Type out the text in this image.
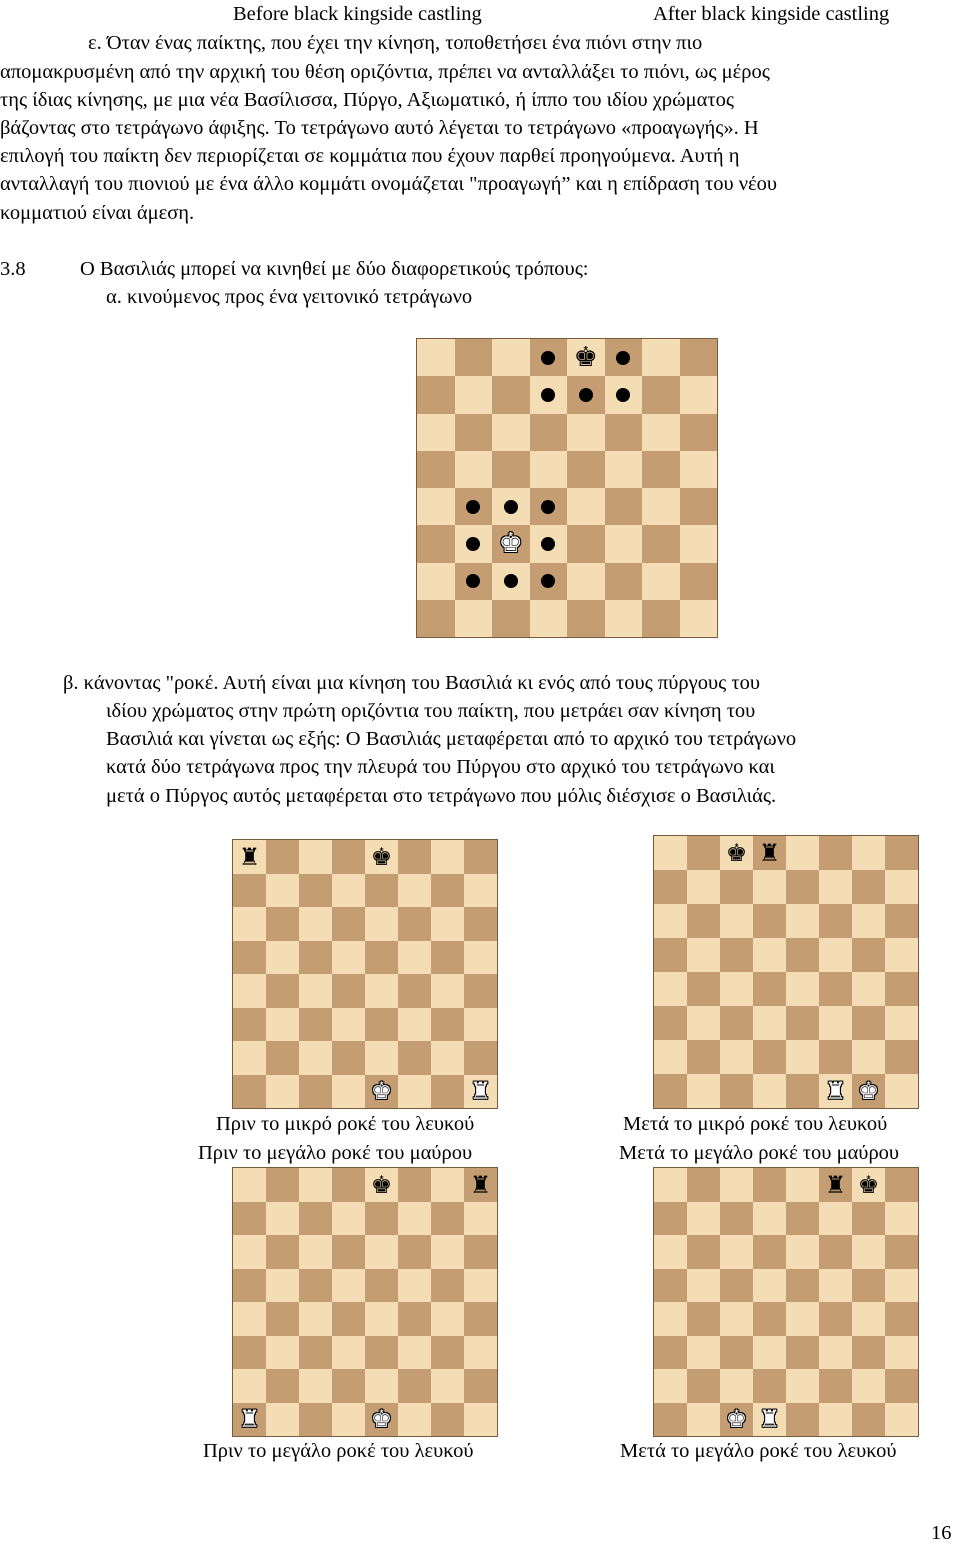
Before black kingside castling	After black kingside castling
ε. Όταν ένας παίκτης, που έχει την κίνηση, τοποθετήσει ένα πιόνι στην πιο
απομακρυσμένη από την αρχική του θέση οριζόντια, πρέπει να ανταλλάξει το πιόνι, ως μέρος
της ίδιας κίνησης, με μια νέα Βασίλισσα, Πύργο, Αξιωματικό, ή ίππο του ιδίου χρώματος
βάζοντας στο τετράγωνο άφιξης. Το τετράγωνο αυτό λέγεται το τετράγωνο «προαγωγής». Η
επιλογή του παίκτη δεν περιορίζεται σε κομμάτια που έχουν παρθεί προηγούμενα. Αυτή η
ανταλλαγή του πιονιού με ένα άλλο κομμάτι ονομάζεται "προαγωγή” και η επίδραση του νέου
κομματιού είναι άμεση.
3.8	Ο Βασιλιάς μπορεί να κινηθεί με δύο διαφορετικούς τρόπους:
α. κινούμενος προς ένα γειτονικό τετράγωνο
♚
♚
β. κάνοντας "ροκέ. Αυτή είναι μια κίνηση του Βασιλιά κι ενός από τους πύργους του
ιδίου χρώματος στην πρώτη οριζόντια του παίκτη, που μετράει σαν κίνηση του
Βασιλιά και γίνεται ως εξής: Ο Βασιλιάς μεταφέρεται από το αρχικό του τετράγωνο
κατά δύο τετράγωνα προς την πλευρά του Πύργου στο αρχικό του τετράγωνο και
μετά ο Πύργος αυτός μεταφέρεται στο τετράγωνο που μόλις διέσχισε ο Βασιλιάς.
♜	♚
♚	♜
♚ ♜
♜ ♚
Πριν το μικρό ροκέ του λευκού	Μετά το μικρό ροκέ του λευκού
Πριν το μεγάλο ροκέ του μαύρου	Μετά το μεγάλο ροκέ του μαύρου
♚	♜
♜	♚
♜ ♚
♚ ♜
Πριν το μεγάλο ροκέ του λευκού	Μετά το μεγάλο ροκέ του λευκού
16
